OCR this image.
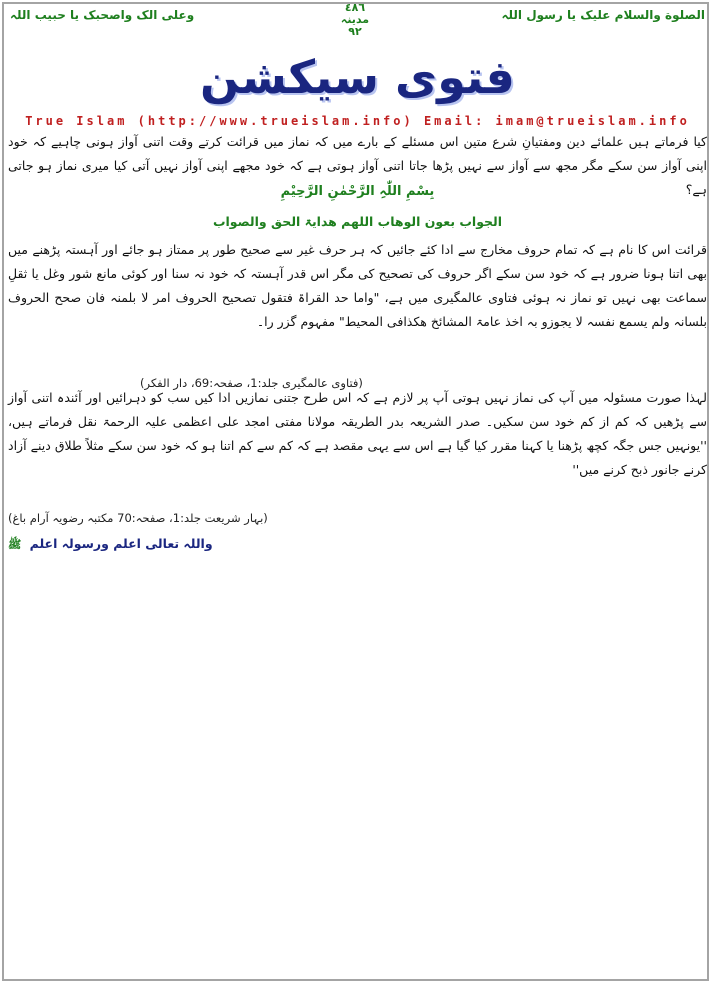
الصلوة والسلام علیک یا رسول اللہ
٤٨٦
مدینہ
٩٢
وعلی الک واصحبک یا حبیب اللہ
فتوی سیکشن
True Islam (http://www.trueislam.info) Email: imam@trueislam.info
کیا فرماتے ہیں علمائے دین ومفتیانِ شرع متین اس مسئلے کے بارے میں کہ نماز میں قرائت کرتے وقت اتنی آواز ہونی چاہیے کہ خود اپنی آواز سن سکے مگر مجھ سے آواز سے نہیں پڑھا جاتا اتنی آواز ہوتی ہے کہ خود مجھے اپنی آواز نہیں آتی کیا میری نماز ہو جاتی ہے؟
بِسْمِ اللّٰہِ الرَّحْمٰنِ الرَّحِیْمِ
الجواب بعون الوھاب اللھم ھدایۃ الحق والصواب
قرائت اس کا نام ہے کہ تمام حروف مخارج سے ادا کئے جائیں کہ ہر حرف غیر سے صحیح طور پر ممتاز ہو جائے اور آہستہ پڑھنے میں بھی اتنا ہونا ضرور ہے کہ خود سن سکے اگر حروف کی تصحیح کی مگر اس قدر آہستہ کہ خود نہ سنا اور کوئی مانع شور وغل یا ثقلِ سماعت بھی نہیں تو نماز نہ ہوئی فتاوی عالمگیری میں ہے، "واما حد القراۃ فتقول تصحیح الحروف امر لا بلمنہ فان صحح الحروف بلسانہ ولم یسمع نفسہ لا یجوزو بہ اخذ عامۃ المشائخ ھکذافی المحیط" مفہوم گزر را۔
(فتاوی عالمگیری جلد:1، صفحہ:69، دار الفکر)
لہذا صورت مسئولہ میں آپ کی نماز نہیں ہوتی آپ پر لازم ہے کہ اس طرح جتنی نمازیں ادا کیں سب کو دہرائیں اور آئندہ اتنی آواز سے پڑھیں کہ کم از کم خود سن سکیں۔ صدر الشریعہ بدر الطریقہ مولانا مفتی امجد علی اعظمی علیہ الرحمۃ نقل فرماتے ہیں، ''یونہیں جس جگہ کچھ پڑھنا یا کہنا مقرر کیا گیا ہے اس سے یہی مقصد ہے کہ کم سے کم اتنا ہو کہ خود سن سکے مثلاً طلاق دینے آزاد کرنے جانور ذبح کرنے میں''
(بہار شریعت جلد:1، صفحہ:70 مکتبہ رضویہ آرام باغ)
واللہ تعالی اعلم ورسولہ اعلم ﷺ
